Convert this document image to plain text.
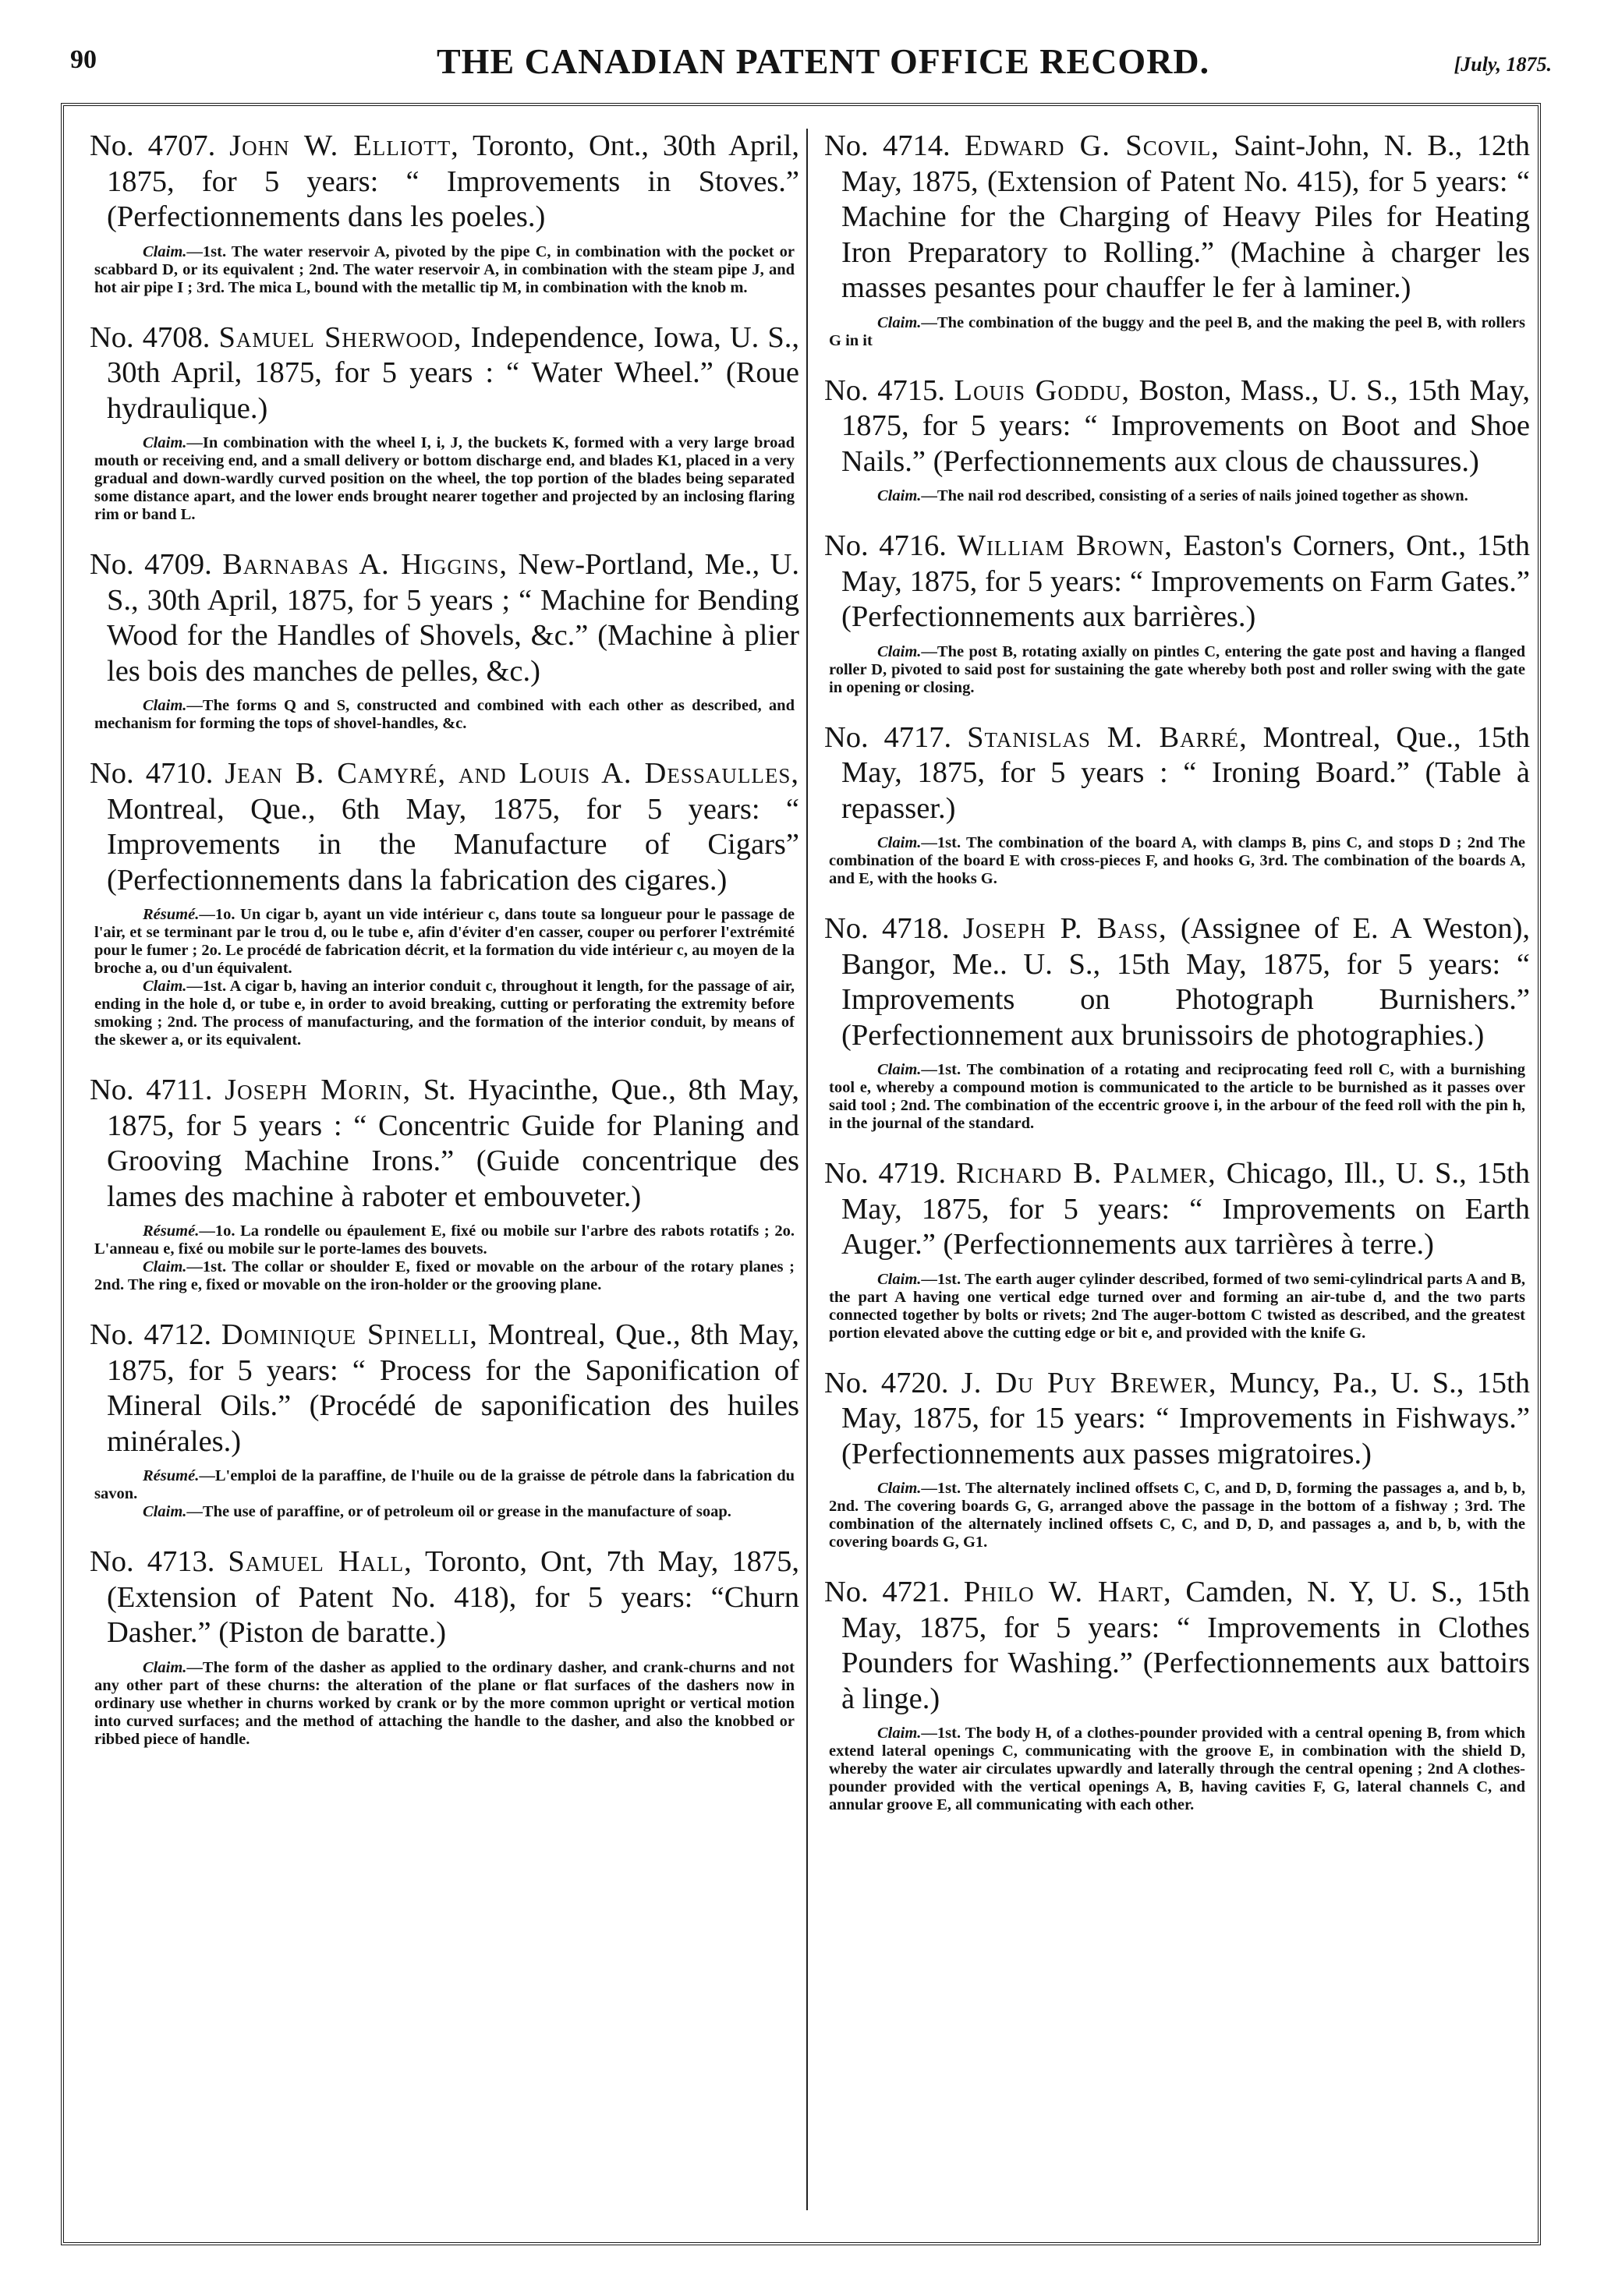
90	THE CANADIAN PATENT OFFICE RECORD.	[July, 1875.

No. 4707. John W. Elliott, Toronto, Ont., 30th April, 1875, for 5 years: “ Improvements in Stoves.” (Perfectionnements dans les poeles.)

Claim.—1st. The water reservoir A, pivoted by the pipe C, in combination with the pocket or scabbard D, or its equivalent ; 2nd. The water reservoir A, in combination with the steam pipe J, and hot air pipe I ; 3rd. The mica L, bound with the metallic tip M, in combination with the knob m.

No. 4708. Samuel Sherwood, Independence, Iowa, U. S., 30th April, 1875, for 5 years : “ Water Wheel.” (Roue hydraulique.)

Claim.—In combination with the wheel I, i, J, the buckets K, formed with a very large broad mouth or receiving end, and a small delivery or bottom discharge end, and blades K1, placed in a very gradual and down-wardly curved position on the wheel, the top portion of the blades being separated some distance apart, and the lower ends brought nearer together and projected by an inclosing flaring rim or band L.

No. 4709. Barnabas A. Higgins, New-Portland, Me., U. S., 30th April, 1875, for 5 years ; “ Machine for Bending Wood for the Handles of Shovels, &c.” (Machine à plier les bois des manches de pelles, &c.)

Claim.—The forms Q and S, constructed and combined with each other as described, and mechanism for forming the tops of shovel-handles, &c.

No. 4710. Jean B. Camyré, and Louis A. Dessaulles, Montreal, Que., 6th May, 1875, for 5 years: “ Improvements in the Manufacture of Cigars” (Perfectionnements dans la fabrication des cigares.)

Résumé.—1o. Un cigar b, ayant un vide intérieur c, dans toute sa longueur pour le passage de l'air, et se terminant par le trou d, ou le tube e, afin d'éviter d'en casser, couper ou perforer l'extrémité pour le fumer ; 2o. Le procédé de fabrication décrit, et la formation du vide intérieur c, au moyen de la broche a, ou d'un équivalent.

Claim.—1st. A cigar b, having an interior conduit c, throughout it length, for the passage of air, ending in the hole d, or tube e, in order to avoid breaking, cutting or perforating the extremity before smoking ; 2nd. The process of manufacturing, and the formation of the interior conduit, by means of the skewer a, or its equivalent.

No. 4711. Joseph Morin, St. Hyacinthe, Que., 8th May, 1875, for 5 years : “ Concentric Guide for Planing and Grooving Machine Irons.” (Guide concentrique des lames des machine à raboter et embouveter.)

Résumé.—1o. La rondelle ou épaulement E, fixé ou mobile sur l'arbre des rabots rotatifs ; 2o. L'anneau e, fixé ou mobile sur le porte-lames des bouvets.

Claim.—1st. The collar or shoulder E, fixed or movable on the arbour of the rotary planes ; 2nd. The ring e, fixed or movable on the iron-holder or the grooving plane.

No. 4712. Dominique Spinelli, Montreal, Que., 8th May, 1875, for 5 years: “ Process for the Saponification of Mineral Oils.” (Procédé de saponification des huiles minérales.)

Résumé.—L'emploi de la paraffine, de l'huile ou de la graisse de pétrole dans la fabrication du savon.

Claim.—The use of paraffine, or of petroleum oil or grease in the manufacture of soap.

No. 4713. Samuel Hall, Toronto, Ont, 7th May, 1875, (Extension of Patent No. 418), for 5 years: “Churn Dasher.” (Piston de baratte.)

Claim.—The form of the dasher as applied to the ordinary dasher, and crank-churns and not any other part of these churns: the alteration of the plane or flat surfaces of the dashers now in ordinary use whether in churns worked by crank or by the more common upright or vertical motion into curved surfaces; and the method of attaching the handle to the dasher, and also the knobbed or ribbed piece of handle.

No. 4714. Edward G. Scovil, Saint-John, N. B., 12th May, 1875, (Extension of Patent No. 415), for 5 years: “ Machine for the Charging of Heavy Piles for Heating Iron Preparatory to Rolling.” (Machine à charger les masses pesantes pour chauffer le fer à laminer.)

Claim.—The combination of the buggy and the peel B, and the making the peel B, with rollers G in it

No. 4715. Louis Goddu, Boston, Mass., U. S., 15th May, 1875, for 5 years: “ Improvements on Boot and Shoe Nails.” (Perfectionnements aux clous de chaussures.)

Claim.—The nail rod described, consisting of a series of nails joined together as shown.

No. 4716. William Brown, Easton's Corners, Ont., 15th May, 1875, for 5 years: “ Improvements on Farm Gates.” (Perfectionnements aux barrières.)

Claim.—The post B, rotating axially on pintles C, entering the gate post and having a flanged roller D, pivoted to said post for sustaining the gate whereby both post and roller swing with the gate in opening or closing.

No. 4717. Stanislas M. Barré, Montreal, Que., 15th May, 1875, for 5 years : “ Ironing Board.” (Table à repasser.)

Claim.—1st. The combination of the board A, with clamps B, pins C, and stops D ; 2nd The combination of the board E with cross-pieces F, and hooks G, 3rd. The combination of the boards A, and E, with the hooks G.

No. 4718. Joseph P. Bass, (Assignee of E. A Weston), Bangor, Me.. U. S., 15th May, 1875, for 5 years: “ Improvements on Photograph Burnishers.” (Perfectionnement aux brunissoirs de photographies.)

Claim.—1st. The combination of a rotating and reciprocating feed roll C, with a burnishing tool e, whereby a compound motion is communicated to the article to be burnished as it passes over said tool ; 2nd. The combination of the eccentric groove i, in the arbour of the feed roll with the pin h, in the journal of the standard.

No. 4719. Richard B. Palmer, Chicago, Ill., U. S., 15th May, 1875, for 5 years: “ Improvements on Earth Auger.” (Perfectionnements aux tarrières à terre.)

Claim.—1st. The earth auger cylinder described, formed of two semi-cylindrical parts A and B, the part A having one vertical edge turned over and forming an air-tube d, and the two parts connected together by bolts or rivets; 2nd The auger-bottom C twisted as described, and the greatest portion elevated above the cutting edge or bit e, and provided with the knife G.

No. 4720. J. Du Puy Brewer, Muncy, Pa., U. S., 15th May, 1875, for 15 years: “ Improvements in Fishways.” (Perfectionnements aux passes migratoires.)

Claim.—1st. The alternately inclined offsets C, C, and D, D, forming the passages a, and b, b, 2nd. The covering boards G, G, arranged above the passage in the bottom of a fishway ; 3rd. The combination of the alternately inclined offsets C, C, and D, D, and passages a, and b, b, with the covering boards G, G1.

No. 4721. Philo W. Hart, Camden, N. Y, U. S., 15th May, 1875, for 5 years: “ Improvements in Clothes Pounders for Washing.” (Perfectionnements aux battoirs à linge.)

Claim.—1st. The body H, of a clothes-pounder provided with a central opening B, from which extend lateral openings C, communicating with the groove E, in combination with the shield D, whereby the water air circulates upwardly and laterally through the central opening ; 2nd A clothes-pounder provided with the vertical openings A, B, having cavities F, G, lateral channels C, and annular groove E, all communicating with each other.
